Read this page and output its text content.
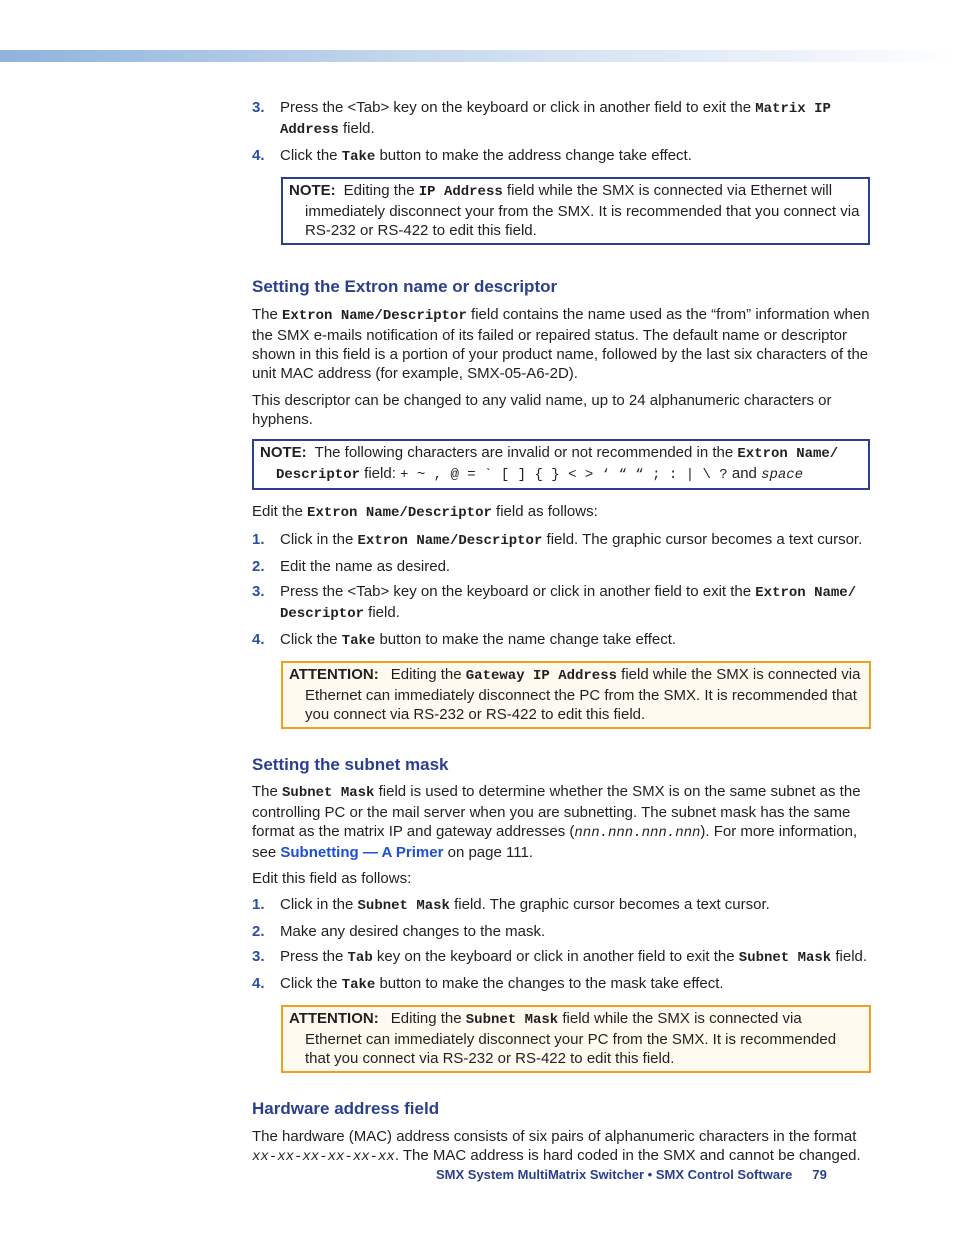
3. Press the <Tab> key on the keyboard or click in another field to exit the Matrix IP Address field.
4. Click the Take button to make the address change take effect.
NOTE: Editing the IP Address field while the SMX is connected via Ethernet will immediately disconnect your from the SMX. It is recommended that you connect via RS-232 or RS-422 to edit this field.
Setting the Extron name or descriptor

The Extron Name/Descriptor field contains the name used as the “from” information when the SMX e-mails notification of its failed or repaired status. The default name or descriptor shown in this field is a portion of your product name, followed by the last six characters of the unit MAC address (for example, SMX-05-A6-2D).

This descriptor can be changed to any valid name, up to 24 alphanumeric characters or hyphens.

NOTE: The following characters are invalid or not recommended in the Extron Name/ Descriptor field: + ~ , @ = ` [ ] { } < > ‘ “ “ ; : | \ ? and space

Edit the Extron Name/Descriptor field as follows:

1. Click in the Extron Name/Descriptor field. The graphic cursor becomes a text cursor.
2. Edit the name as desired.
3. Press the <Tab> key on the keyboard or click in another field to exit the Extron Name/ Descriptor field.
4. Click the Take button to make the name change take effect.
ATTENTION: Editing the Gateway IP Address field while the SMX is connected via Ethernet can immediately disconnect the PC from the SMX. It is recommended that you connect via RS-232 or RS-422 to edit this field.
Setting the subnet mask

The Subnet Mask field is used to determine whether the SMX is on the same subnet as the controlling PC or the mail server when you are subnetting. The subnet mask has the same format as the matrix IP and gateway addresses (nnn.nnn.nnn.nnn). For more information, see Subnetting — A Primer on page 111.

Edit this field as follows:

1. Click in the Subnet Mask field. The graphic cursor becomes a text cursor.
2. Make any desired changes to the mask.
3. Press the Tab key on the keyboard or click in another field to exit the Subnet Mask field.
4. Click the Take button to make the changes to the mask take effect.
ATTENTION: Editing the Subnet Mask field while the SMX is connected via Ethernet can immediately disconnect your PC from the SMX. It is recommended that you connect via RS-232 or RS-422 to edit this field.
Hardware address field

The hardware (MAC) address consists of six pairs of alphanumeric characters in the format xx-xx-xx-xx-xx-xx. The MAC address is hard coded in the SMX and cannot be changed.

SMX System MultiMatrix Switcher • SMX Control Software 79
